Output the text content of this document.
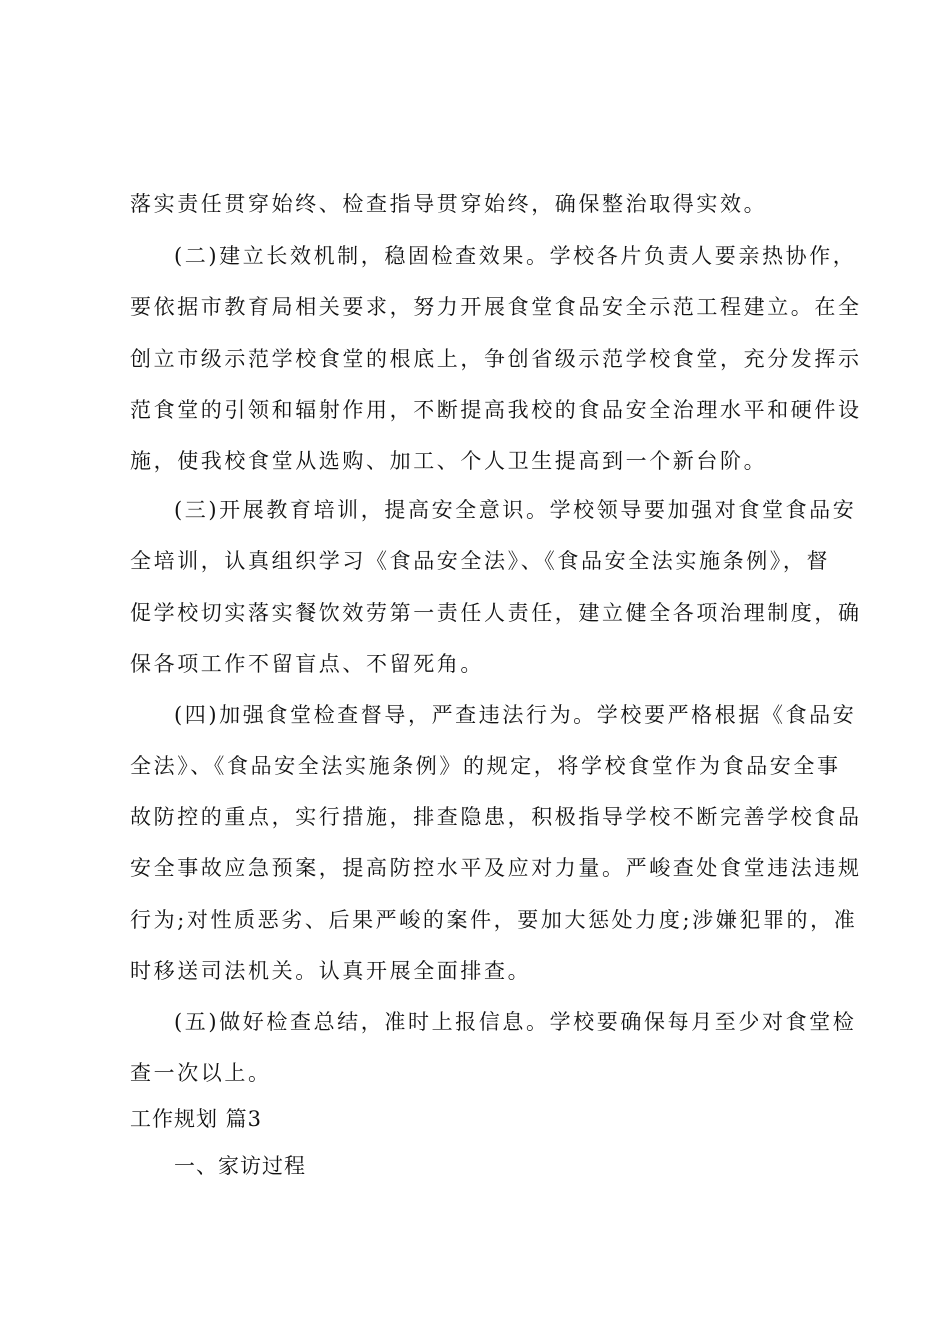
落实责任贯穿始终、检查指导贯穿始终，确保整治取得实效。
(二)建立长效机制，稳固检查效果。学校各片负责人要亲热协作，
要依据市教育局相关要求，努力开展食堂食品安全示范工程建立。在全
创立市级示范学校食堂的根底上，争创省级示范学校食堂，充分发挥示
范食堂的引领和辐射作用，不断提高我校的食品安全治理水平和硬件设
施，使我校食堂从选购、加工、个人卫生提高到一个新台阶。
(三)开展教育培训，提高安全意识。学校领导要加强对食堂食品安
全培训，认真组织学习《食品安全法》、《食品安全法实施条例》，督
促学校切实落实餐饮效劳第一责任人责任，建立健全各项治理制度，确
保各项工作不留盲点、不留死角。
(四)加强食堂检查督导，严查违法行为。学校要严格根据《食品安
全法》、《食品安全法实施条例》的规定，将学校食堂作为食品安全事
故防控的重点，实行措施，排查隐患，积极指导学校不断完善学校食品
安全事故应急预案，提高防控水平及应对力量。严峻查处食堂违法违规
行为;对性质恶劣、后果严峻的案件，要加大惩处力度;涉嫌犯罪的，准
时移送司法机关。认真开展全面排查。
(五)做好检查总结，准时上报信息。学校要确保每月至少对食堂检
查一次以上。
工作规划 篇3
一、家访过程
